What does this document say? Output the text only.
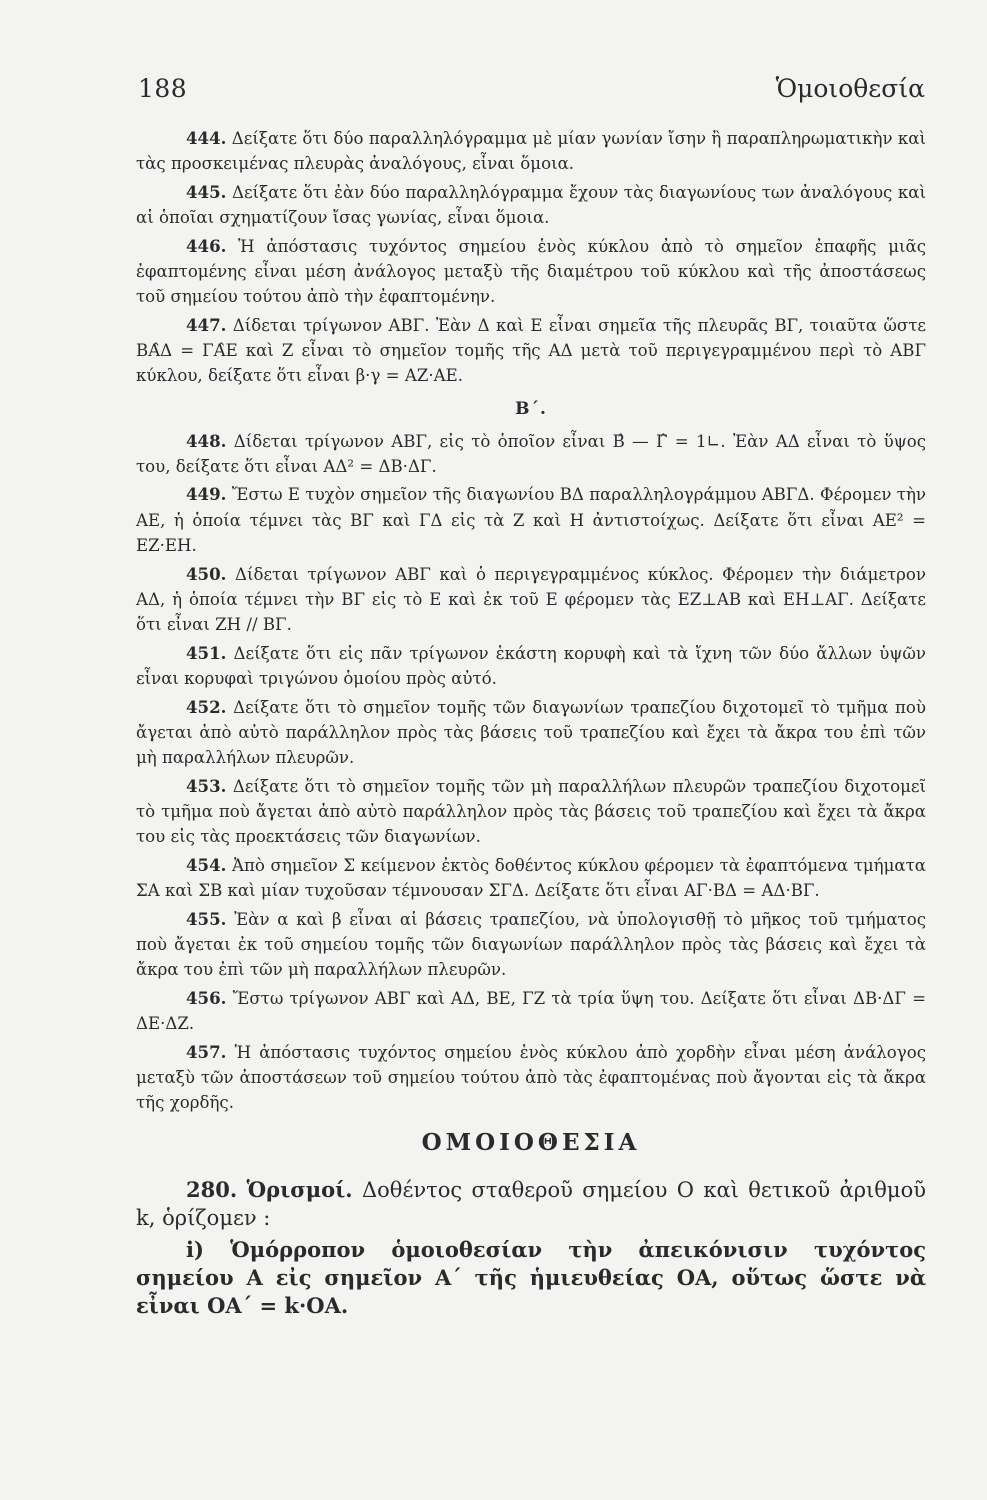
188	Ὁμοιοθεσία

444. Δείξατε ὅτι δύο παραλληλόγραμμα μὲ μίαν γωνίαν ἴσην ἢ παραπληρωματικὴν καὶ τὰς προσκειμένας πλευρὰς ἀναλόγους, εἶναι ὅμοια.

445. Δείξατε ὅτι ἐὰν δύο παραλληλόγραμμα ἔχουν τὰς διαγωνίους των ἀναλόγους καὶ αἱ ὁποῖαι σχηματίζουν ἴσας γωνίας, εἶναι ὅμοια.

446. Ἡ ἀπόστασις τυχόντος σημείου ἑνὸς κύκλου ἀπὸ τὸ σημεῖον ἐπαφῆς μιᾶς ἐφαπτομένης εἶναι μέση ἀνάλογος μεταξὺ τῆς διαμέτρου τοῦ κύκλου καὶ τῆς ἀποστάσεως τοῦ σημείου τούτου ἀπὸ τὴν ἐφαπτομένην.

447. Δίδεται τρίγωνον ΑΒΓ. Ἐὰν Δ καὶ Ε εἶναι σημεῖα τῆς πλευρᾶς ΒΓ, τοιαῦτα ὥστε ΒΑ̂Δ = ΓΑ̂Ε καὶ Ζ εἶναι τὸ σημεῖον τομῆς τῆς ΑΔ μετὰ τοῦ περιγεγραμμένου περὶ τὸ ΑΒΓ κύκλου, δείξατε ὅτι εἶναι β·γ = ΑΖ·ΑΕ.

Β΄.

448. Δίδεται τρίγωνον ΑΒΓ, εἰς τὸ ὁποῖον εἶναι Β̂ — Γ̂ = 1∟. Ἐὰν ΑΔ εἶναι τὸ ὕψος του, δείξατε ὅτι εἶναι ΑΔ² = ΔΒ·ΔΓ.

449. Ἔστω Ε τυχὸν σημεῖον τῆς διαγωνίου ΒΔ παραλληλογράμμου ΑΒΓΔ. Φέρομεν τὴν ΑΕ, ἡ ὁποία τέμνει τὰς ΒΓ καὶ ΓΔ εἰς τὰ Ζ καὶ Η ἀντιστοίχως. Δείξατε ὅτι εἶναι ΑΕ² = ΕΖ·ΕΗ.

450. Δίδεται τρίγωνον ΑΒΓ καὶ ὁ περιγεγραμμένος κύκλος. Φέρομεν τὴν διάμετρον ΑΔ, ἡ ὁποία τέμνει τὴν ΒΓ εἰς τὸ Ε καὶ ἐκ τοῦ Ε φέρομεν τὰς ΕΖ⊥ΑΒ καὶ ΕΗ⊥ΑΓ. Δείξατε ὅτι εἶναι ΖΗ // ΒΓ.

451. Δείξατε ὅτι εἰς πᾶν τρίγωνον ἑκάστη κορυφὴ καὶ τὰ ἴχνη τῶν δύο ἄλλων ὑψῶν εἶναι κορυφαὶ τριγώνου ὁμοίου πρὸς αὐτό.

452. Δείξατε ὅτι τὸ σημεῖον τομῆς τῶν διαγωνίων τραπεζίου διχοτομεῖ τὸ τμῆμα ποὺ ἄγεται ἀπὸ αὐτὸ παράλληλον πρὸς τὰς βάσεις τοῦ τραπεζίου καὶ ἔχει τὰ ἄκρα του ἐπὶ τῶν μὴ παραλλήλων πλευρῶν.

453. Δείξατε ὅτι τὸ σημεῖον τομῆς τῶν μὴ παραλλήλων πλευρῶν τραπεζίου διχοτομεῖ τὸ τμῆμα ποὺ ἄγεται ἀπὸ αὐτὸ παράλληλον πρὸς τὰς βάσεις τοῦ τραπεζίου καὶ ἔχει τὰ ἄκρα του εἰς τὰς προεκτάσεις τῶν διαγωνίων.

454. Ἀπὸ σημεῖον Σ κείμενον ἐκτὸς δοθέντος κύκλου φέρομεν τὰ ἐφαπτόμενα τμήματα ΣΑ καὶ ΣΒ καὶ μίαν τυχοῦσαν τέμνουσαν ΣΓΔ. Δείξατε ὅτι εἶναι ΑΓ·ΒΔ = ΑΔ·ΒΓ.

455. Ἐὰν α καὶ β εἶναι αἱ βάσεις τραπεζίου, νὰ ὑπολογισθῇ τὸ μῆκος τοῦ τμήματος ποὺ ἄγεται ἐκ τοῦ σημείου τομῆς τῶν διαγωνίων παράλληλον πρὸς τὰς βάσεις καὶ ἔχει τὰ ἄκρα του ἐπὶ τῶν μὴ παραλλήλων πλευρῶν.

456. Ἔστω τρίγωνον ΑΒΓ καὶ ΑΔ, ΒΕ, ΓΖ τὰ τρία ὕψη του. Δείξατε ὅτι εἶναι ΔΒ·ΔΓ = ΔΕ·ΔΖ.

457. Ἡ ἀπόστασις τυχόντος σημείου ἑνὸς κύκλου ἀπὸ χορδὴν εἶναι μέση ἀνάλογος μεταξὺ τῶν ἀποστάσεων τοῦ σημείου τούτου ἀπὸ τὰς ἐφαπτομένας ποὺ ἄγονται εἰς τὰ ἄκρα τῆς χορδῆς.

ΟΜΟΙΟΘΕΣΙΑ

280. Ὁρισμοί. Δοθέντος σταθεροῦ σημείου Ο καὶ θετικοῦ ἀριθμοῦ k, ὁρίζομεν :

i) Ὁμόρροπον ὁμοιοθεσίαν τὴν ἀπεικόνισιν τυχόντος σημείου Α εἰς σημεῖον Α΄ τῆς ἡμιευθείας ΟΑ, οὕτως ὥστε νὰ εἶναι ΟΑ΄ = k·ΟΑ.
